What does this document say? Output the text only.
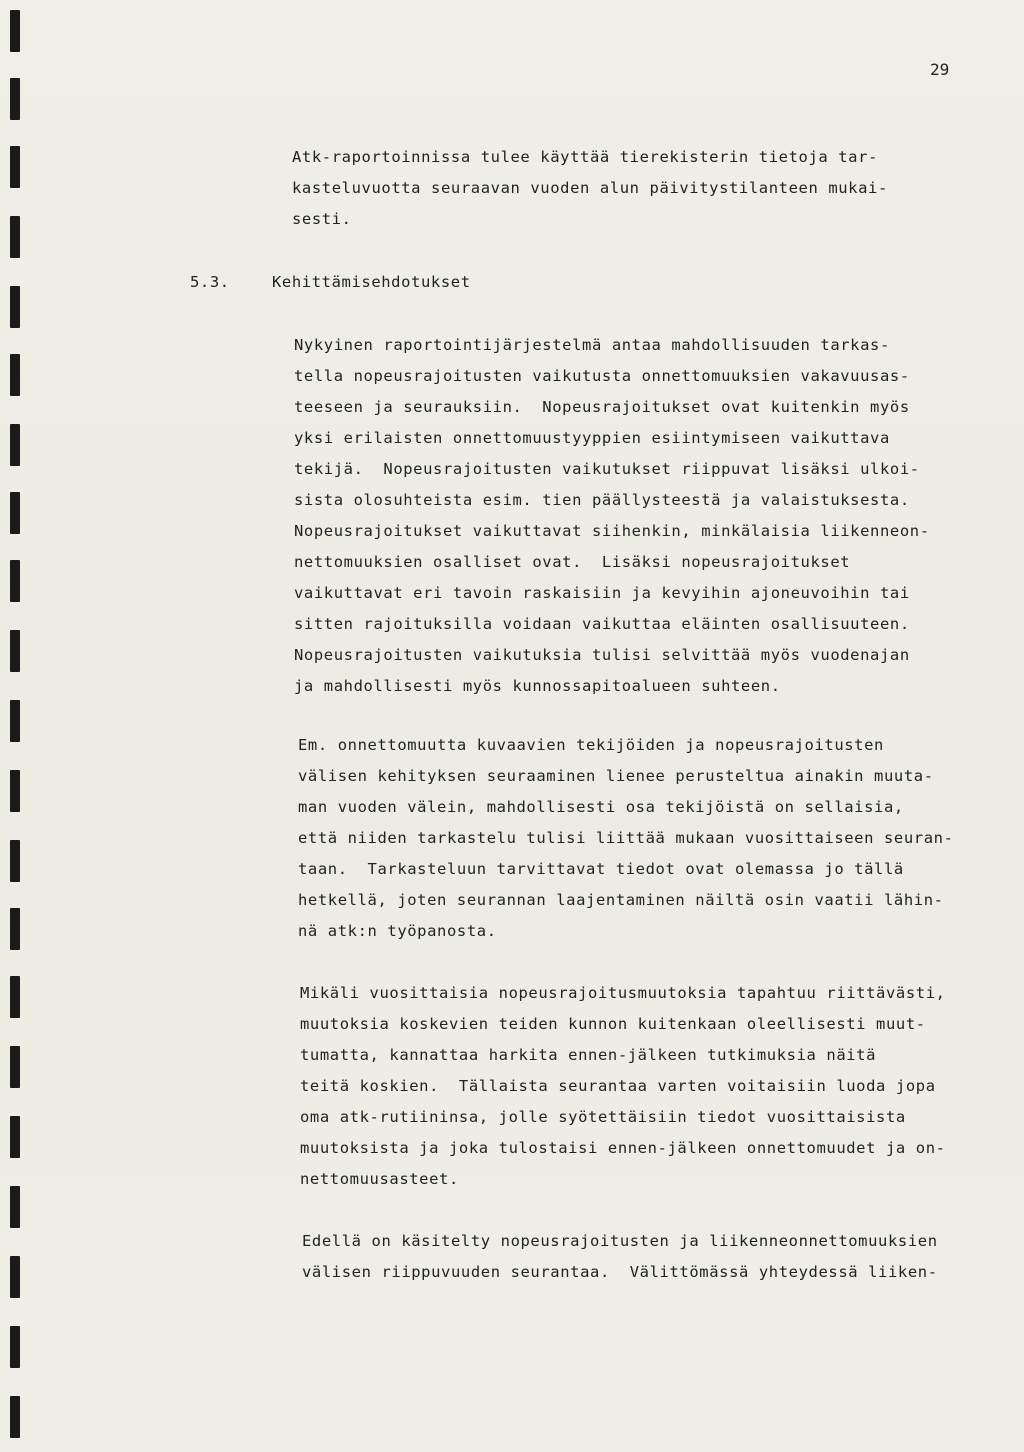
29
Atk-raportoinnissa tulee käyttää tierekisterin tietoja tar-
kasteluvuotta seuraavan vuoden alun päivitystilanteen mukai-
sesti.
5.3.	Kehittämisehdotukset
Nykyinen raportointijärjestelmä antaa mahdollisuuden tarkas-
tella nopeusrajoitusten vaikutusta onnettomuuksien vakavuusas-
teeseen ja seurauksiin.  Nopeusrajoitukset ovat kuitenkin myös
yksi erilaisten onnettomuustyyppien esiintymiseen vaikuttava
tekijä.  Nopeusrajoitusten vaikutukset riippuvat lisäksi ulkoi-
sista olosuhteista esim. tien päällysteestä ja valaistuksesta.
Nopeusrajoitukset vaikuttavat siihenkin, minkälaisia liikenneon-
nettomuuksien osalliset ovat.  Lisäksi nopeusrajoitukset
vaikuttavat eri tavoin raskaisiin ja kevyihin ajoneuvoihin tai
sitten rajoituksilla voidaan vaikuttaa eläinten osallisuuteen.
Nopeusrajoitusten vaikutuksia tulisi selvittää myös vuodenajan
ja mahdollisesti myös kunnossapitoalueen suhteen.
Em. onnettomuutta kuvaavien tekijöiden ja nopeusrajoitusten
välisen kehityksen seuraaminen lienee perusteltua ainakin muuta-
man vuoden välein, mahdollisesti osa tekijöistä on sellaisia,
että niiden tarkastelu tulisi liittää mukaan vuosittaiseen seuran-
taan.  Tarkasteluun tarvittavat tiedot ovat olemassa jo tällä
hetkellä, joten seurannan laajentaminen näiltä osin vaatii lähin-
nä atk:n työpanosta.
Mikäli vuosittaisia nopeusrajoitusmuutoksia tapahtuu riittävästi,
muutoksia koskevien teiden kunnon kuitenkaan oleellisesti muut-
tumatta, kannattaa harkita ennen-jälkeen tutkimuksia näitä
teitä koskien.  Tällaista seurantaa varten voitaisiin luoda jopa
oma atk-rutiininsa, jolle syötettäisiin tiedot vuosittaisista
muutoksista ja joka tulostaisi ennen-jälkeen onnettomuudet ja on-
nettomuusasteet.
Edellä on käsitelty nopeusrajoitusten ja liikenneonnettomuuksien
välisen riippuvuuden seurantaa.  Välittömässä yhteydessä liiken-
